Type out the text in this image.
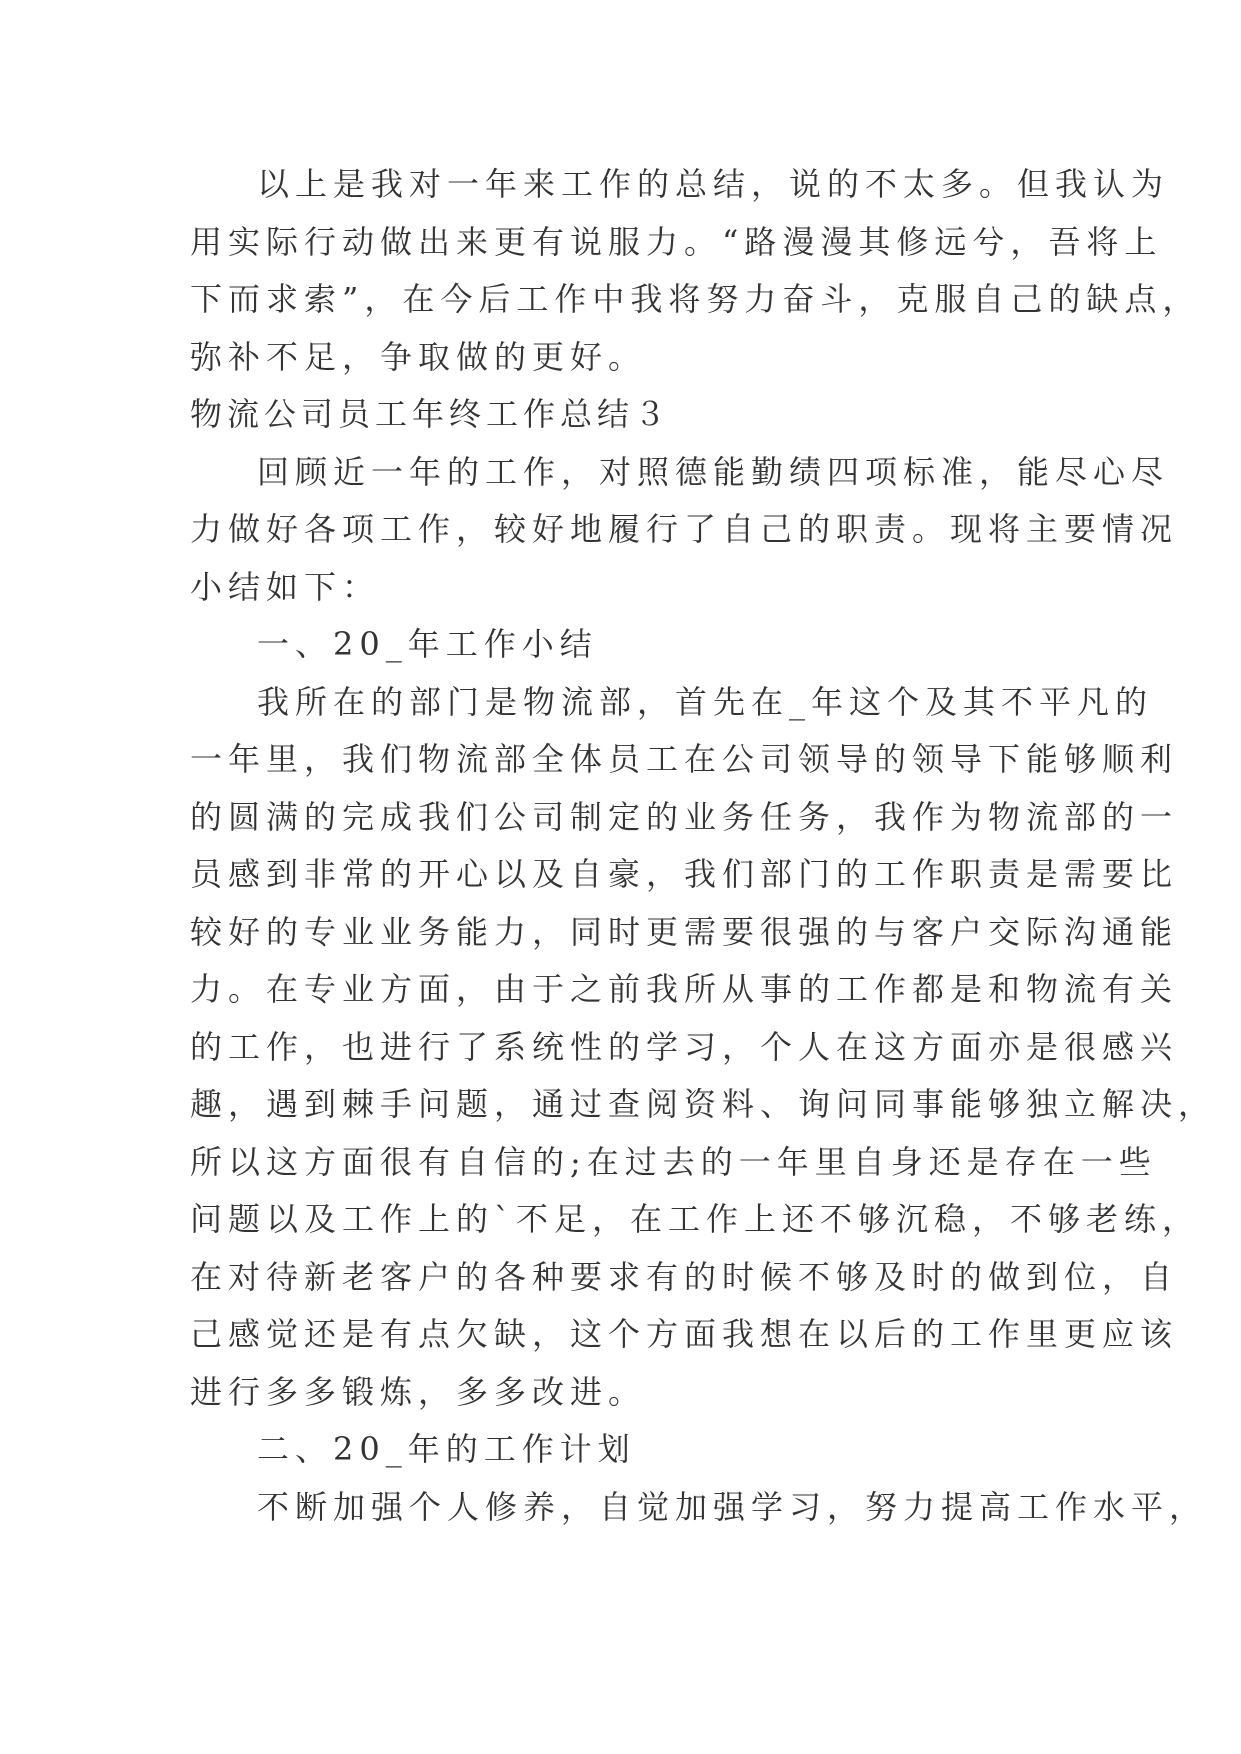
以上是我对一年来工作的总结，说的不太多。但我认为
用实际行动做出来更有说服力。“路漫漫其修远兮，吾将上
下而求索”，在今后工作中我将努力奋斗，克服自己的缺点，
弥补不足，争取做的更好。
物流公司员工年终工作总结３
回顾近一年的工作，对照德能勤绩四项标准，能尽心尽
力做好各项工作，较好地履行了自己的职责。现将主要情况
小结如下：
一、20_年工作小结
我所在的部门是物流部，首先在_年这个及其不平凡的
一年里，我们物流部全体员工在公司领导的领导下能够顺利
的圆满的完成我们公司制定的业务任务，我作为物流部的一
员感到非常的开心以及自豪，我们部门的工作职责是需要比
较好的专业业务能力，同时更需要很强的与客户交际沟通能
力。在专业方面，由于之前我所从事的工作都是和物流有关
的工作，也进行了系统性的学习，个人在这方面亦是很感兴
趣，遇到棘手问题，通过查阅资料、询问同事能够独立解决，
所以这方面很有自信的;在过去的一年里自身还是存在一些
问题以及工作上的`不足，在工作上还不够沉稳，不够老练，
在对待新老客户的各种要求有的时候不够及时的做到位，自
己感觉还是有点欠缺，这个方面我想在以后的工作里更应该
进行多多锻炼，多多改进。
二、20_年的工作计划
不断加强个人修养，自觉加强学习，努力提高工作水平，
